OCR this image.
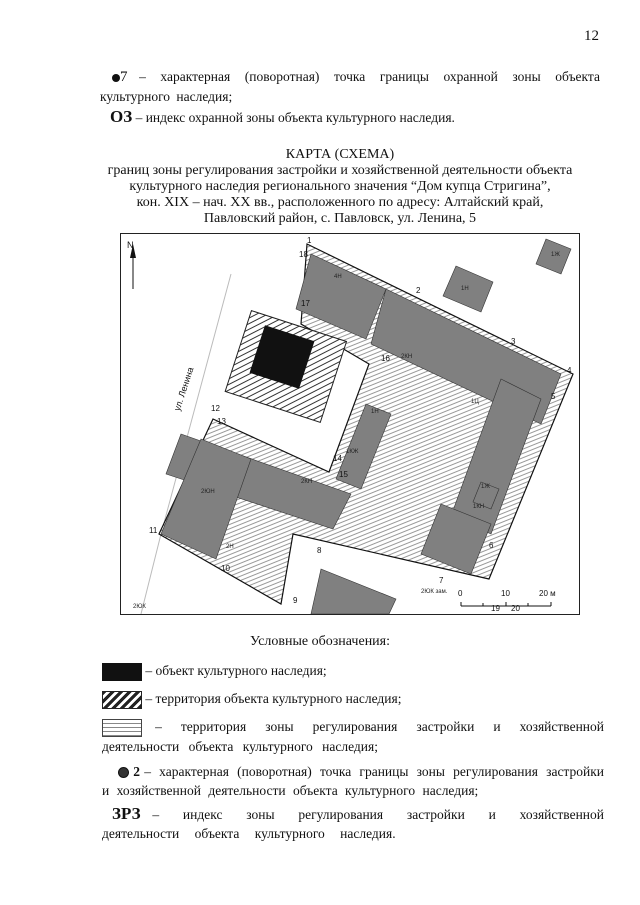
12
7 – характерная (поворотная) точка границы охранной зоны объекта культурного наследия;
ОЗ – индекс охранной зоны объекта культурного наследия.
КАРТА (СХЕМА)
границ зоны регулирования застройки и хозяйственной деятельности объекта
культурного наследия регионального значения “Дом купца Стригина”,
кон. XIX – нач. XX вв., расположенного по адресу: Алтайский край,
Павловский район, с. Павловск, ул. Ленина, 5
N
ул. Ленина
0	10	20 м
1
2
3
4
5
6
7
8
9
10
11
12
13
14
15
16
17
18
19 20
4Н
1Н
2КН
1Ц
1КН
1КЖ
2КН
2ЮН
2ЮК зам.
1Ж
1Ж
1Н
2Н
2ЮК
Условные обозначения:
– объект культурного наследия;
– территория объекта культурного наследия;
– территория зоны регулирования застройки и хозяйственной деятельности объекта культурного наследия;
2 – характерная (поворотная) точка границы зоны регулирования застройки и хозяйственной деятельности объекта культурного наследия;
ЗРЗ – индекс зоны регулирования застройки и хозяйственной деятельности объекта культурного наследия.
